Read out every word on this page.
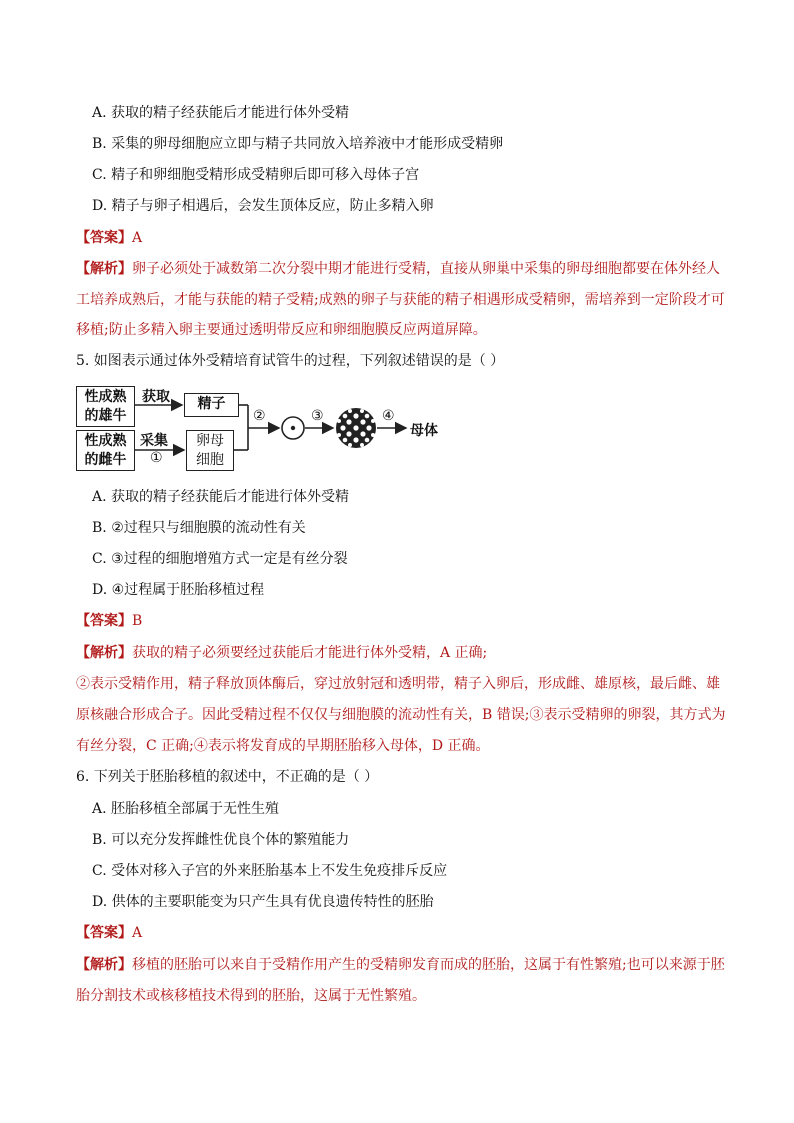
A. 获取的精子经获能后才能进行体外受精
B. 采集的卵母细胞应立即与精子共同放入培养液中才能形成受精卵
C. 精子和卵细胞受精形成受精卵后即可移入母体子宫
D. 精子与卵子相遇后，会发生顶体反应，防止多精入卵
【答案】A
【解析】卵子必须处于减数第二次分裂中期才能进行受精，直接从卵巢中采集的卵母细胞都要在体外经人
工培养成熟后，才能与获能的精子受精;成熟的卵子与获能的精子相遇形成受精卵，需培养到一定阶段才可
移植;防止多精入卵主要通过透明带反应和卵细胞膜反应两道屏障。
5. 如图表示通过体外受精培育试管牛的过程，下列叙述错误的是（ ）
性成熟
的雄牛
性成熟
的雌牛
获取
采集
①
精子
卵母
细胞
②	③	④
母体
A. 获取的精子经获能后才能进行体外受精
B. ②过程只与细胞膜的流动性有关
C. ③过程的细胞增殖方式一定是有丝分裂
D. ④过程属于胚胎移植过程
【答案】B
【解析】获取的精子必须要经过获能后才能进行体外受精，A 正确;
②表示受精作用，精子释放顶体酶后，穿过放射冠和透明带，精子入卵后，形成雌、雄原核，最后雌、雄
原核融合形成合子。因此受精过程不仅仅与细胞膜的流动性有关，B 错误;③表示受精卵的卵裂，其方式为
有丝分裂，C 正确;④表示将发育成的早期胚胎移入母体，D 正确。
6. 下列关于胚胎移植的叙述中，不正确的是（ ）
A. 胚胎移植全部属于无性生殖
B. 可以充分发挥雌性优良个体的繁殖能力
C. 受体对移入子宫的外来胚胎基本上不发生免疫排斥反应
D. 供体的主要职能变为只产生具有优良遗传特性的胚胎
【答案】A
【解析】移植的胚胎可以来自于受精作用产生的受精卵发育而成的胚胎，这属于有性繁殖;也可以来源于胚
胎分割技术或核移植技术得到的胚胎，这属于无性繁殖。
